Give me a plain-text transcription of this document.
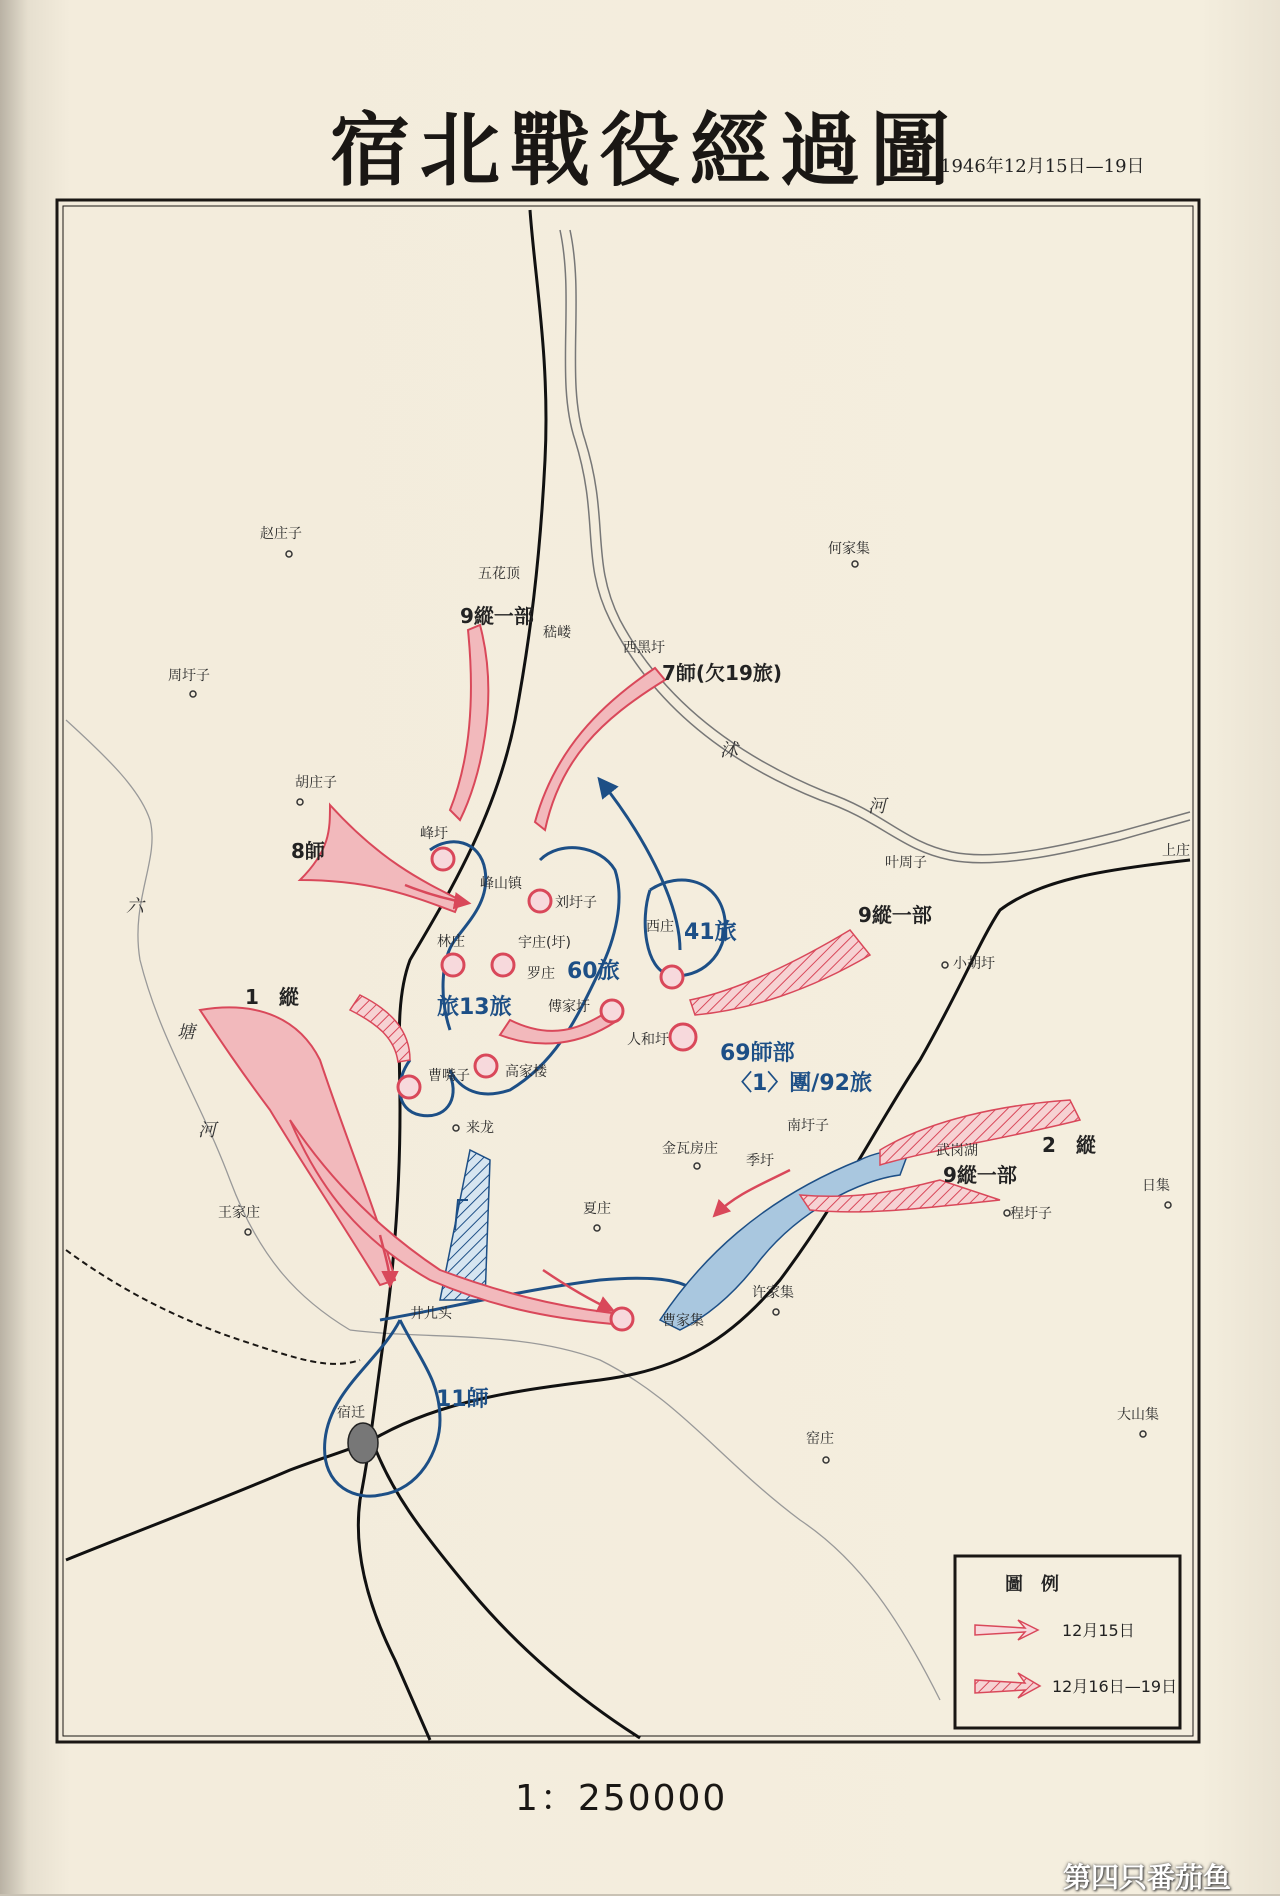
宿北戰役經過圖
1946年12月15日—19日
赵庄子
周圩子
五花顶
嵇嵝
西黑圩
何家集
胡庄子
峰圩
峰山镇
刘圩子
宇庄(圩)
罗庄
林庄
傅家圩
人和圩
西庄
叶周子
小胡圩
上庄
曹嘴子	高家楼
来龙	南圩子
金瓦房庄
季圩
武岗湖
程圩子
日集
王家庄	夏庄
许家集
井儿头	曹家集
宿迁
窑庄
大山集
9縱一部
7師(欠19旅)
8師
1　縱
9縱一部
2　縱
9縱一部
41旅
60旅
旅13旅
69師部
〈1〉團/92旅
11師
沭
河
六
塘
河
圖　例
12月15日
12月16日—19日
1：250000
第四只番茄鱼
